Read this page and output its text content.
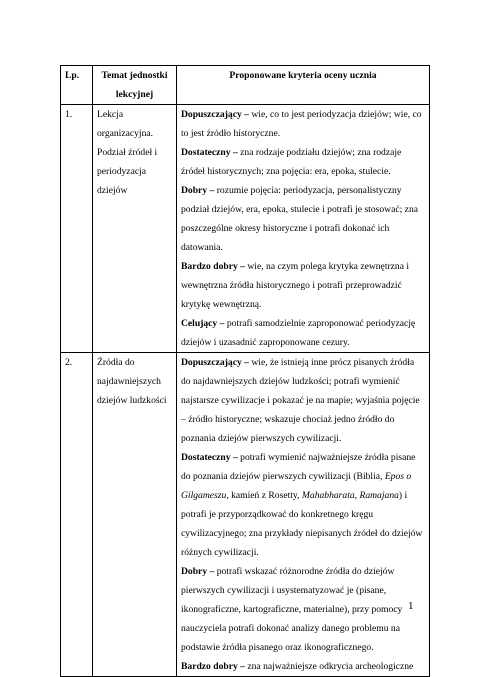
Lp.	Temat jednostki lekcyjnej	Proponowane kryteria oceny ucznia
1.	Lekcja organizacyjna. Podział źródeł i periodyzacja dziejów	Dopuszczający – wie, co to jest periodyzacja dziejów; wie, co to jest źródło historyczne.
Dostateczny – zna rodzaje podziału dziejów; zna rodzaje źródeł historycznych; zna pojęcia: era, epoka, stulecie.
Dobry – rozumie pojęcia: periodyzacja, personalistyczny podział dziejów, era, epoka, stulecie i potrafi je stosować; zna poszczególne okresy historyczne i potrafi dokonać ich datowania.
Bardzo dobry – wie, na czym polega krytyka zewnętrzna i wewnętrzna źródła historycznego i potrafi przeprowadzić krytykę wewnętrzną.
Celujący – potrafi samodzielnie zaproponować periodyzację dziejów i uzasadnić zaproponowane cezury.

2.	Źródła do najdawniejszych dziejów ludzkości	Dopuszczający – wie, że istnieją inne prócz pisanych źródła do najdawniejszych dziejów ludzkości; potrafi wymienić najstarsze cywilizacje i pokazać je na mapie; wyjaśnia pojęcie – źródło historyczne; wskazuje chociaż jedno źródło do poznania dziejów pierwszych cywilizacji.
Dostateczny – potrafi wymienić najważniejsze źródła pisane do poznania dziejów pierwszych cywilizacji (Biblia, Epos o Gilgameszu, kamień z Rosetty, Mahabharata, Ramajana) i potrafi je przyporządkować do konkretnego kręgu cywilizacyjnego; zna przykłady niepisanych źródeł do dziejów różnych cywilizacji.
Dobry – potrafi wskazać różnorodne źródła do dziejów pierwszych cywilizacji i usystematyzować je (pisane, ikonograficzne, kartograficzne, materialne), przy pomocy nauczyciela potrafi dokonać analizy danego problemu na podstawie źródła pisanego oraz ikonograficznego.
Bardzo dobry – zna najważniejsze odkrycia archeologiczne
1
